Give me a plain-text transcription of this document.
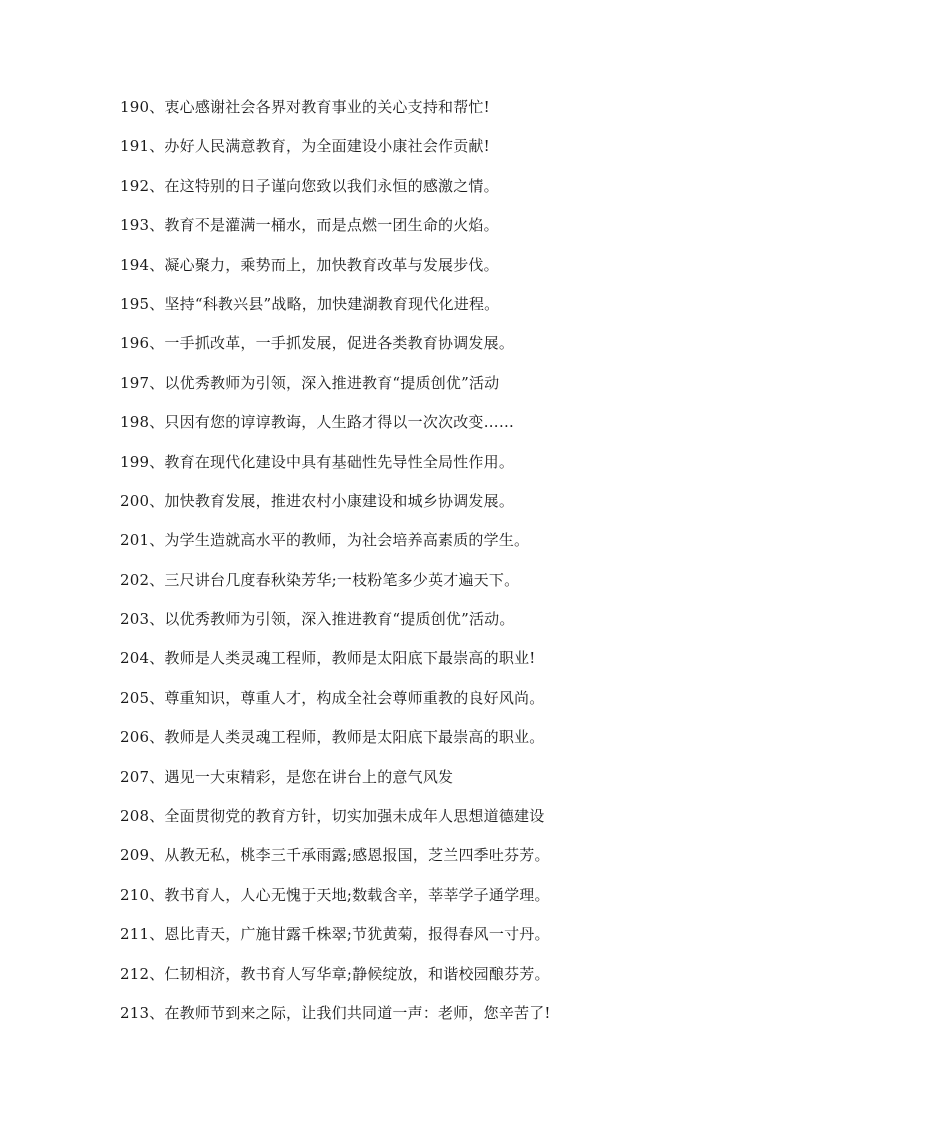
190、衷心感谢社会各界对教育事业的关心支持和帮忙!
191、办好人民满意教育，为全面建设小康社会作贡献!
192、在这特别的日子谨向您致以我们永恒的感激之情。
193、教育不是灌满一桶水，而是点燃一团生命的火焰。
194、凝心聚力，乘势而上，加快教育改革与发展步伐。
195、坚持“科教兴县”战略，加快建湖教育现代化进程。
196、一手抓改革，一手抓发展，促进各类教育协调发展。
197、以优秀教师为引领，深入推进教育“提质创优”活动
198、只因有您的谆谆教诲，人生路才得以一次次改变……
199、教育在现代化建设中具有基础性先导性全局性作用。
200、加快教育发展，推进农村小康建设和城乡协调发展。
201、为学生造就高水平的教师，为社会培养高素质的学生。
202、三尺讲台几度春秋染芳华;一枝粉笔多少英才遍天下。
203、以优秀教师为引领，深入推进教育“提质创优”活动。
204、教师是人类灵魂工程师，教师是太阳底下最崇高的职业!
205、尊重知识，尊重人才，构成全社会尊师重教的良好风尚。
206、教师是人类灵魂工程师，教师是太阳底下最崇高的职业。
207、遇见一大束精彩，是您在讲台上的意气风发
208、全面贯彻党的教育方针，切实加强未成年人思想道德建设
209、从教无私，桃李三千承雨露;感恩报国，芝兰四季吐芬芳。
210、教书育人，人心无愧于天地;数载含辛，莘莘学子通学理。
211、恩比青天，广施甘露千株翠;节犹黄菊，报得春风一寸丹。
212、仁韧相济，教书育人写华章;静候绽放，和谐校园酿芬芳。
213、在教师节到来之际，让我们共同道一声：老师，您辛苦了!
